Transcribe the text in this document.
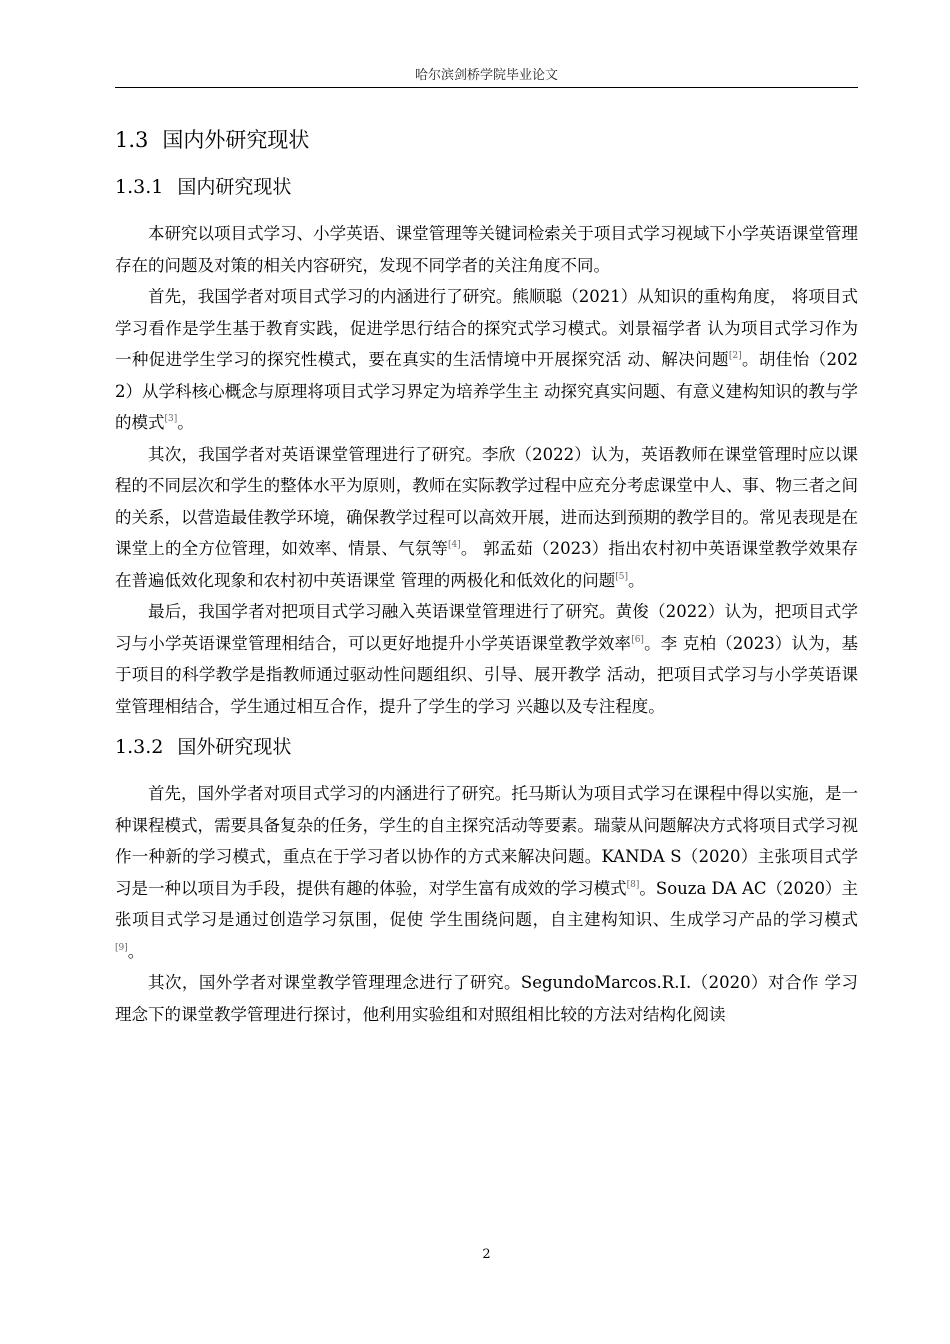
哈尔滨剑桥学院毕业论文
1.3 国内外研究现状
1.3.1 国内研究现状

本研究以项目式学习、小学英语、课堂管理等关键词检索关于项目式学习视域下小学英语课堂管理存在的问题及对策的相关内容研究，发现不同学者的关注角度不同。

首先，我国学者对项目式学习的内涵进行了研究。熊顺聪（2021）从知识的重构角度， 将项目式学习看作是学生基于教育实践，促进学思行结合的探究式学习模式。刘景福学者 认为项目式学习作为一种促进学生学习的探究性模式，要在真实的生活情境中开展探究活 动、解决问题[2]。胡佳怡（2022）从学科核心概念与原理将项目式学习界定为培养学生主 动探究真实问题、有意义建构知识的教与学的模式[3]。

其次，我国学者对英语课堂管理进行了研究。李欣（2022）认为，英语教师在课堂管理时应以课程的不同层次和学生的整体水平为原则，教师在实际教学过程中应充分考虑课堂中人、事、物三者之间的关系，以营造最佳教学环境，确保教学过程可以高效开展，进而达到预期的教学目的。常见表现是在课堂上的全方位管理，如效率、情景、气氛等[4]。 郭孟茹（2023）指出农村初中英语课堂教学效果存在普遍低效化现象和农村初中英语课堂 管理的两极化和低效化的问题[5]。

最后，我国学者对把项目式学习融入英语课堂管理进行了研究。黄俊（2022）认为，把项目式学习与小学英语课堂管理相结合，可以更好地提升小学英语课堂教学效率[6]。李 克柏（2023）认为，基于项目的科学教学是指教师通过驱动性问题组织、引导、展开教学 活动，把项目式学习与小学英语课堂管理相结合，学生通过相互合作，提升了学生的学习 兴趣以及专注程度。

1.3.2 国外研究现状

首先，国外学者对项目式学习的内涵进行了研究。托马斯认为项目式学习在课程中得以实施，是一种课程模式，需要具备复杂的任务，学生的自主探究活动等要素。瑞蒙从问题解决方式将项目式学习视作一种新的学习模式，重点在于学习者以协作的方式来解决问题。KANDA S（2020）主张项目式学习是一种以项目为手段，提供有趣的体验，对学生富有成效的学习模式[8]。Souza DA AC（2020）主张项目式学习是通过创造学习氛围，促使 学生围绕问题，自主建构知识、生成学习产品的学习模式[9]。

其次，国外学者对课堂教学管理理念进行了研究。SegundoMarcos.R.I.（2020）对合作 学习理念下的课堂教学管理进行探讨，他利用实验组和对照组相比较的方法对结构化阅读

2
